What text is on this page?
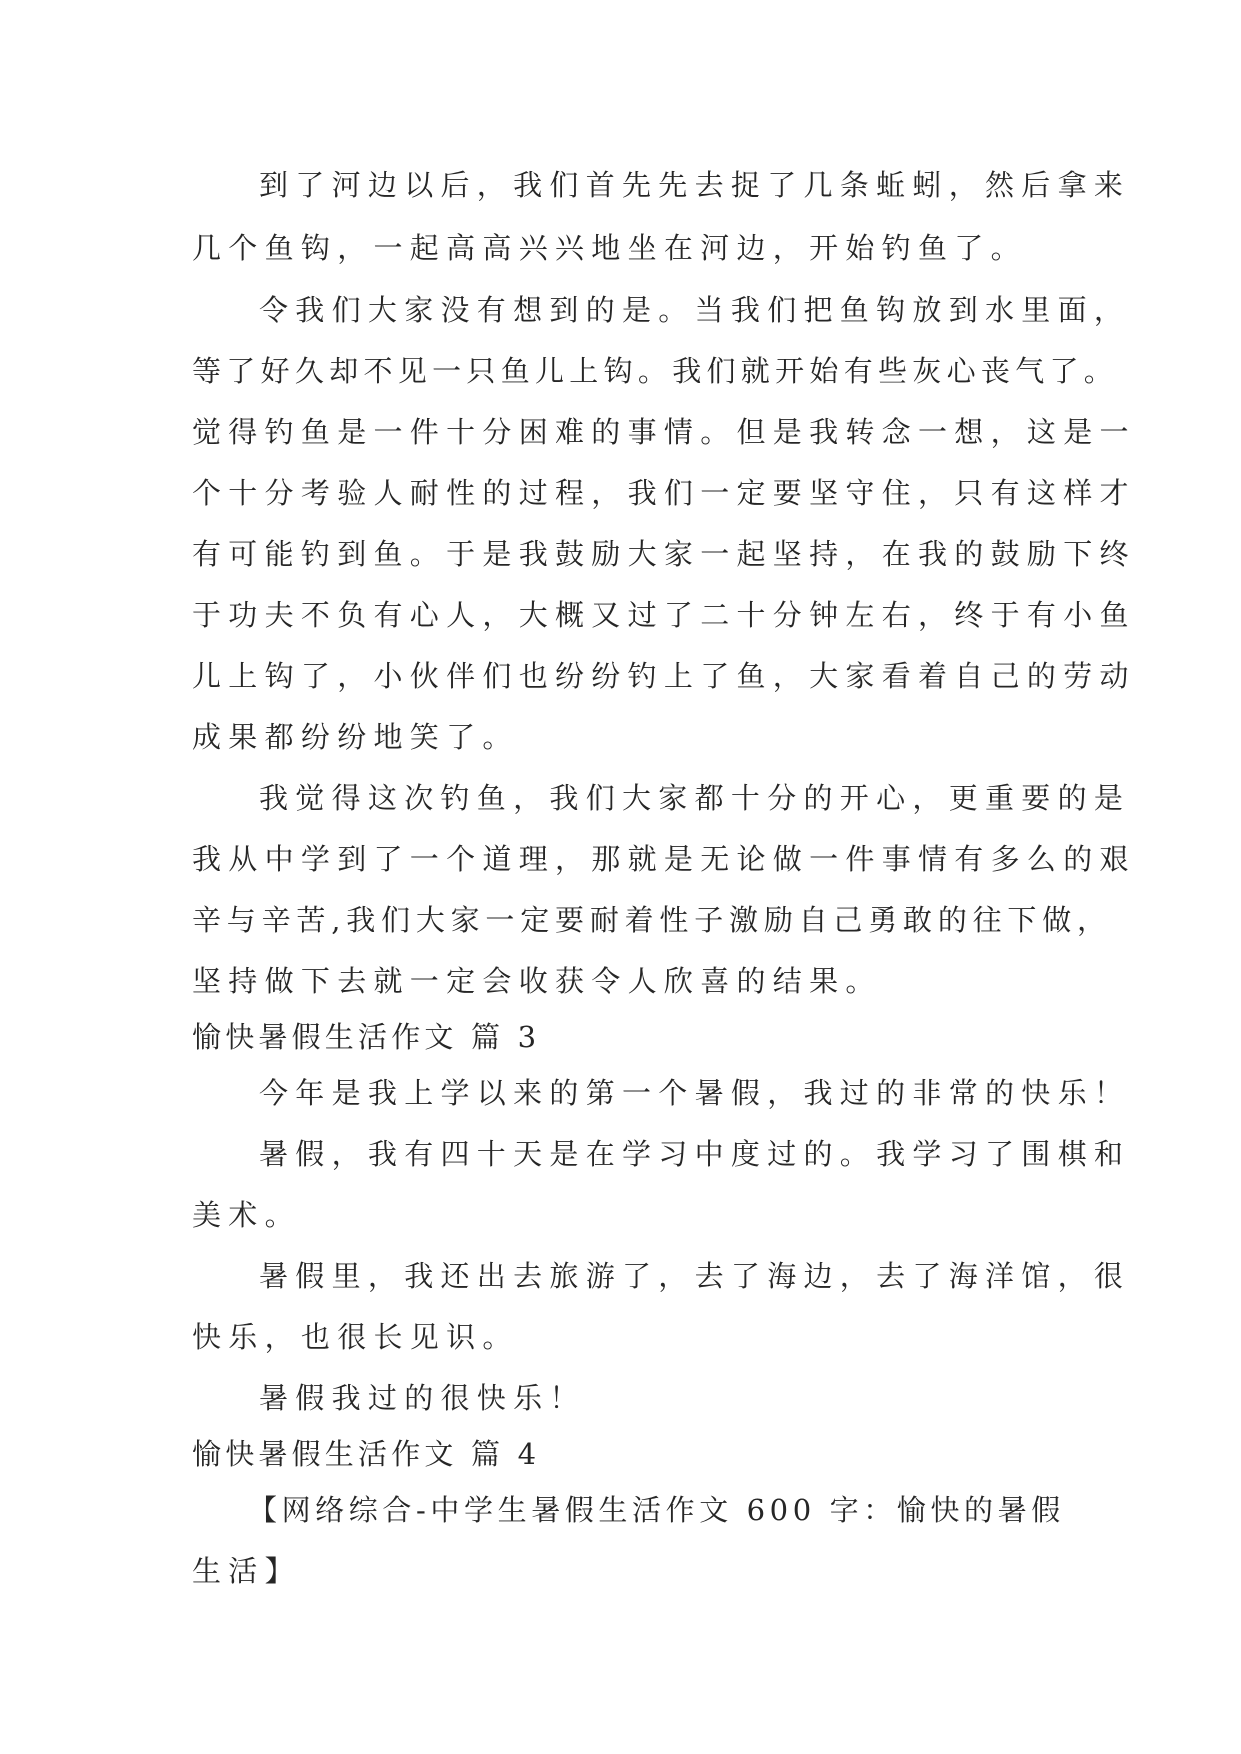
到了河边以后，我们首先先去捉了几条蚯蚓，然后拿来

几个鱼钩，一起高高兴兴地坐在河边，开始钓鱼了。

令我们大家没有想到的是。当我们把鱼钩放到水里面，

等了好久却不见一只鱼儿上钩。我们就开始有些灰心丧气了。

觉得钓鱼是一件十分困难的事情。但是我转念一想，这是一

个十分考验人耐性的过程，我们一定要坚守住，只有这样才

有可能钓到鱼。于是我鼓励大家一起坚持，在我的鼓励下终

于功夫不负有心人，大概又过了二十分钟左右，终于有小鱼

儿上钩了，小伙伴们也纷纷钓上了鱼，大家看着自己的劳动

成果都纷纷地笑了。

我觉得这次钓鱼，我们大家都十分的开心，更重要的是

我从中学到了一个道理，那就是无论做一件事情有多么的艰

辛与辛苦,我们大家一定要耐着性子激励自己勇敢的往下做，

坚持做下去就一定会收获令人欣喜的结果。

愉快暑假生活作文 篇 3

今年是我上学以来的第一个暑假，我过的非常的快乐！

暑假，我有四十天是在学习中度过的。我学习了围棋和

美术。

暑假里，我还出去旅游了，去了海边，去了海洋馆，很

快乐，也很长见识。

暑假我过的很快乐！

愉快暑假生活作文 篇 4

【网络综合-中学生暑假生活作文 600 字：愉快的暑假

生活】
